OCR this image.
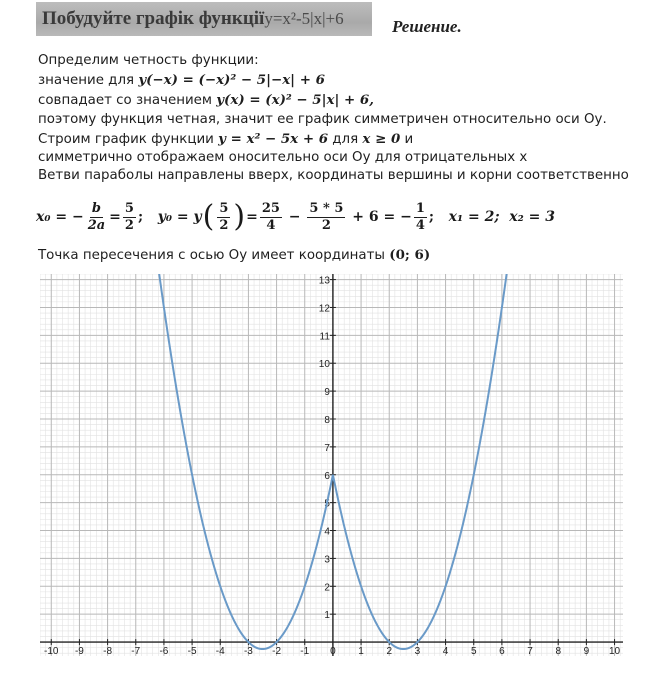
Побудуйте графік функції y=x²-5|x|+6	Решение.
Определим четность функции:
значение для y(−x) = (−x)² − 5|−x| + 6
совпадает со значением y(x) = (x)² − 5|x| + 6,
поэтому функция четная, значит ее график симметричен относительно оси Оу.
Строим график функции y = x² − 5x + 6 для x ≥ 0 и
симметрично отображаем оносительно оси Оу для отрицательных х
Ветви параболы направлены вверх, координаты вершины и корни соответственно
x₀ = − $\frac{b}{2a} = \frac{5}{2}$ ; y₀ = y ( $\frac{5}{2}$ ) = $\frac{25}{4} - \frac{5 * 5}{2} + 6$ = − $\frac{1}{4}$ ; x₁ = 2; x₂ = 3
Точка пересечения с осью Оу имеет координаты (0; 6)
-10 -9 -8 -7 -6 -5 -4 -3 -2 -1 0 1 2 3 4 5 6 7 8 9 10
1
2
3
4
5
6
7
8
9
10
11
12
13
